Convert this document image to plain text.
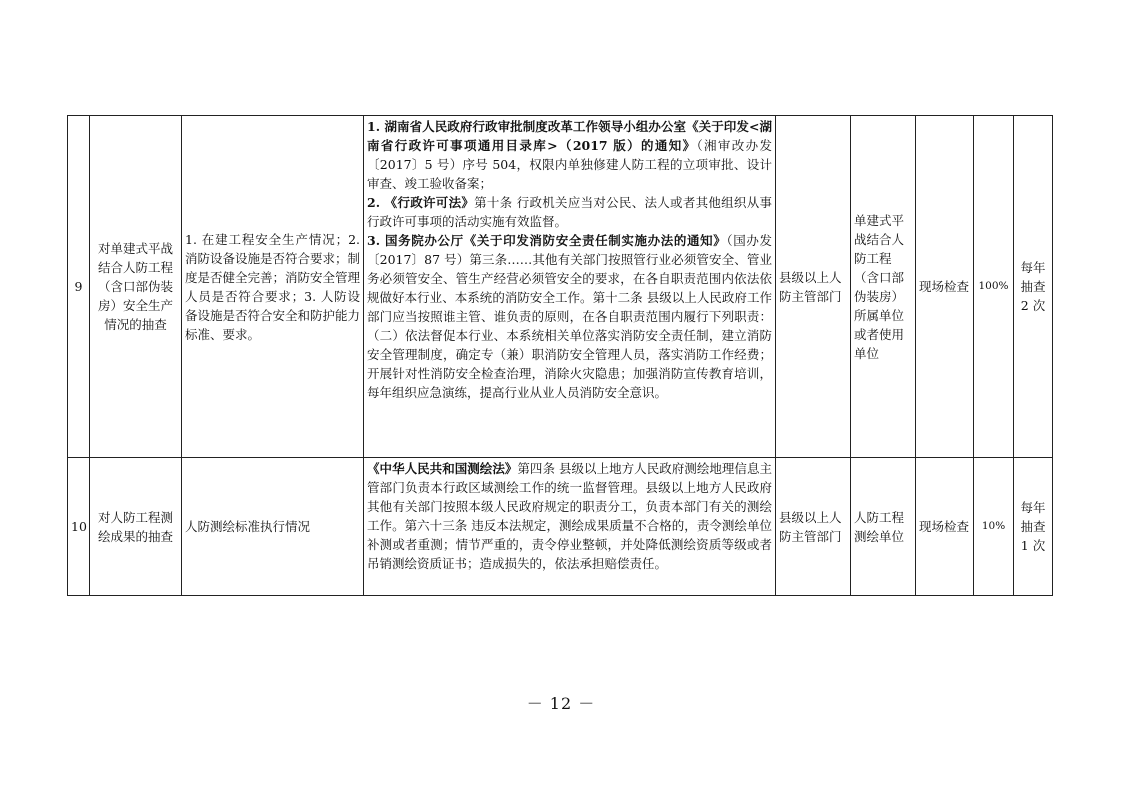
9	对单建式平战结合人防工程（含口部伪装房）安全生产情况的抽查	1. 在建工程安全生产情况；2. 消防设备设施是否符合要求；制度是否健全完善；消防安全管理人员是否符合要求；3. 人防设备设施是否符合安全和防护能力标准、要求。	1. 湖南省人民政府行政审批制度改革工作领导小组办公室《关于印发<湖南省行政许可事项通用目录库>（2017 版）的通知》（湘审改办发〔2017〕5 号）序号 504，权限内单独修建人防工程的立项审批、设计审查、竣工验收备案；
2. 《行政许可法》第十条 行政机关应当对公民、法人或者其他组织从事行政许可事项的活动实施有效监督。
3. 国务院办公厅《关于印发消防安全责任制实施办法的通知》（国办发〔2017〕87 号）第三条……其他有关部门按照管行业必须管安全、管业务必须管安全、管生产经营必须管安全的要求，在各自职责范围内依法依规做好本行业、本系统的消防安全工作。第十二条 县级以上人民政府工作部门应当按照谁主管、谁负责的原则，在各自职责范围内履行下列职责：（二）依法督促本行业、本系统相关单位落实消防安全责任制，建立消防安全管理制度，确定专（兼）职消防安全管理人员，落实消防工作经费；开展针对性消防安全检查治理，消除火灾隐患；加强消防宣传教育培训，每年组织应急演练，提高行业从业人员消防安全意识。	县级以上人防主管部门	单建式平战结合人防工程（含口部伪装房）所属单位或者使用单位	现场检查	100%	每年抽查2 次
10	对人防工程测绘成果的抽查	人防测绘标准执行情况	《中华人民共和国测绘法》第四条 县级以上地方人民政府测绘地理信息主管部门负责本行政区域测绘工作的统一监督管理。县级以上地方人民政府其他有关部门按照本级人民政府规定的职责分工，负责本部门有关的测绘工作。第六十三条 违反本法规定，测绘成果质量不合格的，责令测绘单位补测或者重测；情节严重的，责令停业整顿，并处降低测绘资质等级或者吊销测绘资质证书；造成损失的，依法承担赔偿责任。	县级以上人防主管部门	人防工程测绘单位	现场检查	10%	每年抽查1 次
－ 12 －
